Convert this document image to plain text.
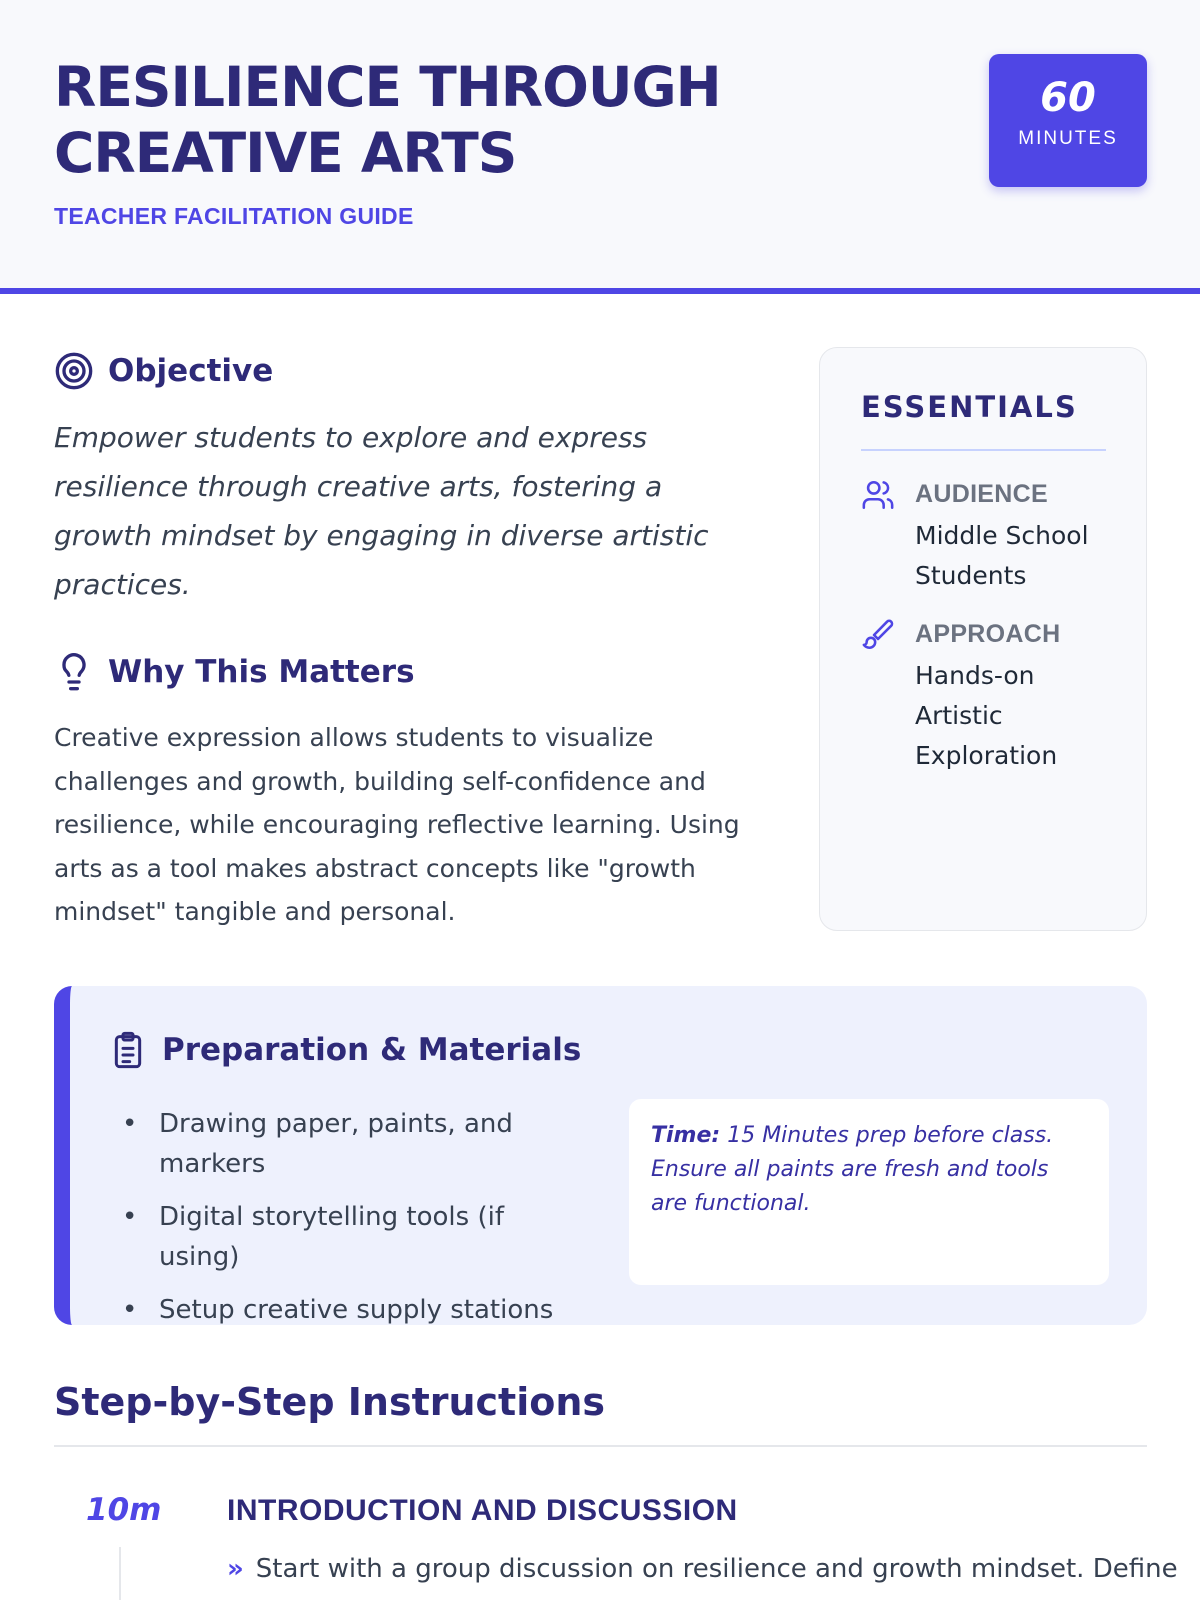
RESILIENCE THROUGH CREATIVE ARTS
TEACHER FACILITATION GUIDE
60
MINUTES
Objective

Empower students to explore and express resilience through creative arts, fostering a growth mindset by engaging in diverse artistic practices.

Why This Matters

Creative expression allows students to visualize challenges and growth, building self-confidence and resilience, while encouraging reflective learning. Using arts as a tool makes abstract concepts like "growth mindset" tangible and personal.

ESSENTIALS
AUDIENCE
Middle School Students
APPROACH
Hands-on Artistic Exploration
Preparation & Materials
• Drawing paper, paints, and markers
• Digital storytelling tools (if using)
• Setup creative supply stations
Time: 15 Minutes prep before class. Ensure all paints are fresh and tools are functional.
Step-by-Step Instructions
10m INTRODUCTION AND DISCUSSION
» Start with a group discussion on resilience and growth mindset. Define
